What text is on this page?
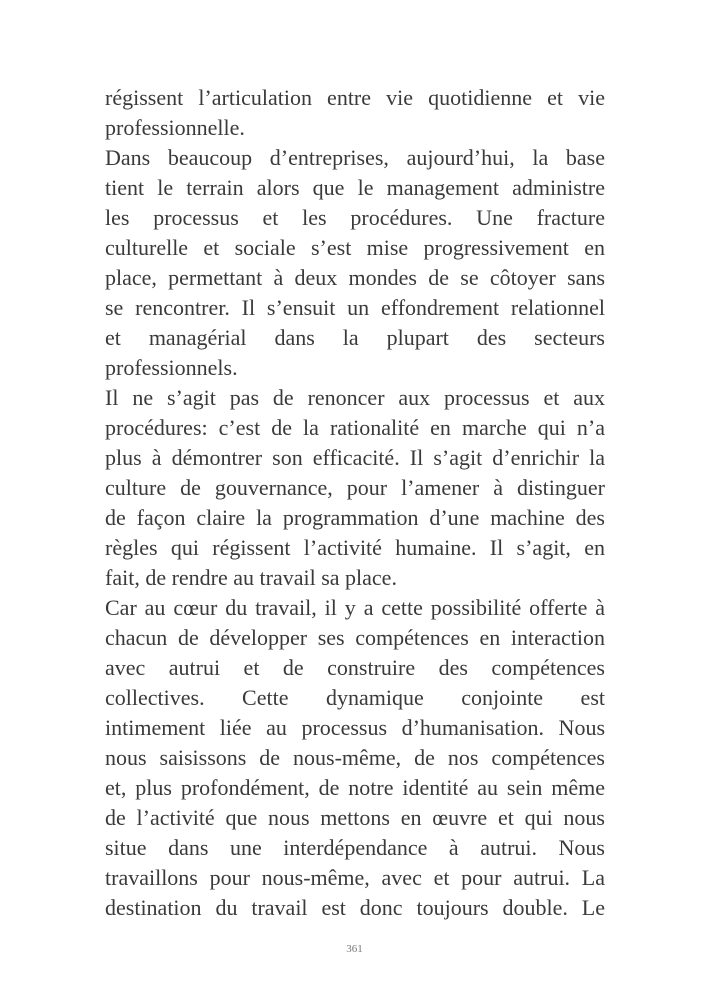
régissent l’articulation entre vie quotidienne et vie
professionnelle.
Dans beaucoup d’entreprises, aujourd’hui, la base
tient le terrain alors que le management administre
les processus et les procédures. Une fracture
culturelle et sociale s’est mise progressivement en
place, permettant à deux mondes de se côtoyer sans
se rencontrer. Il s’ensuit un effondrement relationnel
et managérial dans la plupart des secteurs
professionnels.
Il ne s’agit pas de renoncer aux processus et aux
procédures: c’est de la rationalité en marche qui n’a
plus à démontrer son efficacité. Il s’agit d’enrichir la
culture de gouvernance, pour l’amener à distinguer
de façon claire la programmation d’une machine des
règles qui régissent l’activité humaine. Il s’agit, en
fait, de rendre au travail sa place.
Car au cœur du travail, il y a cette possibilité offerte à
chacun de développer ses compétences en interaction
avec autrui et de construire des compétences
collectives. Cette dynamique conjointe est
intimement liée au processus d’humanisation. Nous
nous saisissons de nous-même, de nos compétences
et, plus profondément, de notre identité au sein même
de l’activité que nous mettons en œuvre et qui nous
situe dans une interdépendance à autrui. Nous
travaillons pour nous-même, avec et pour autrui. La
destination du travail est donc toujours double. Le
361
